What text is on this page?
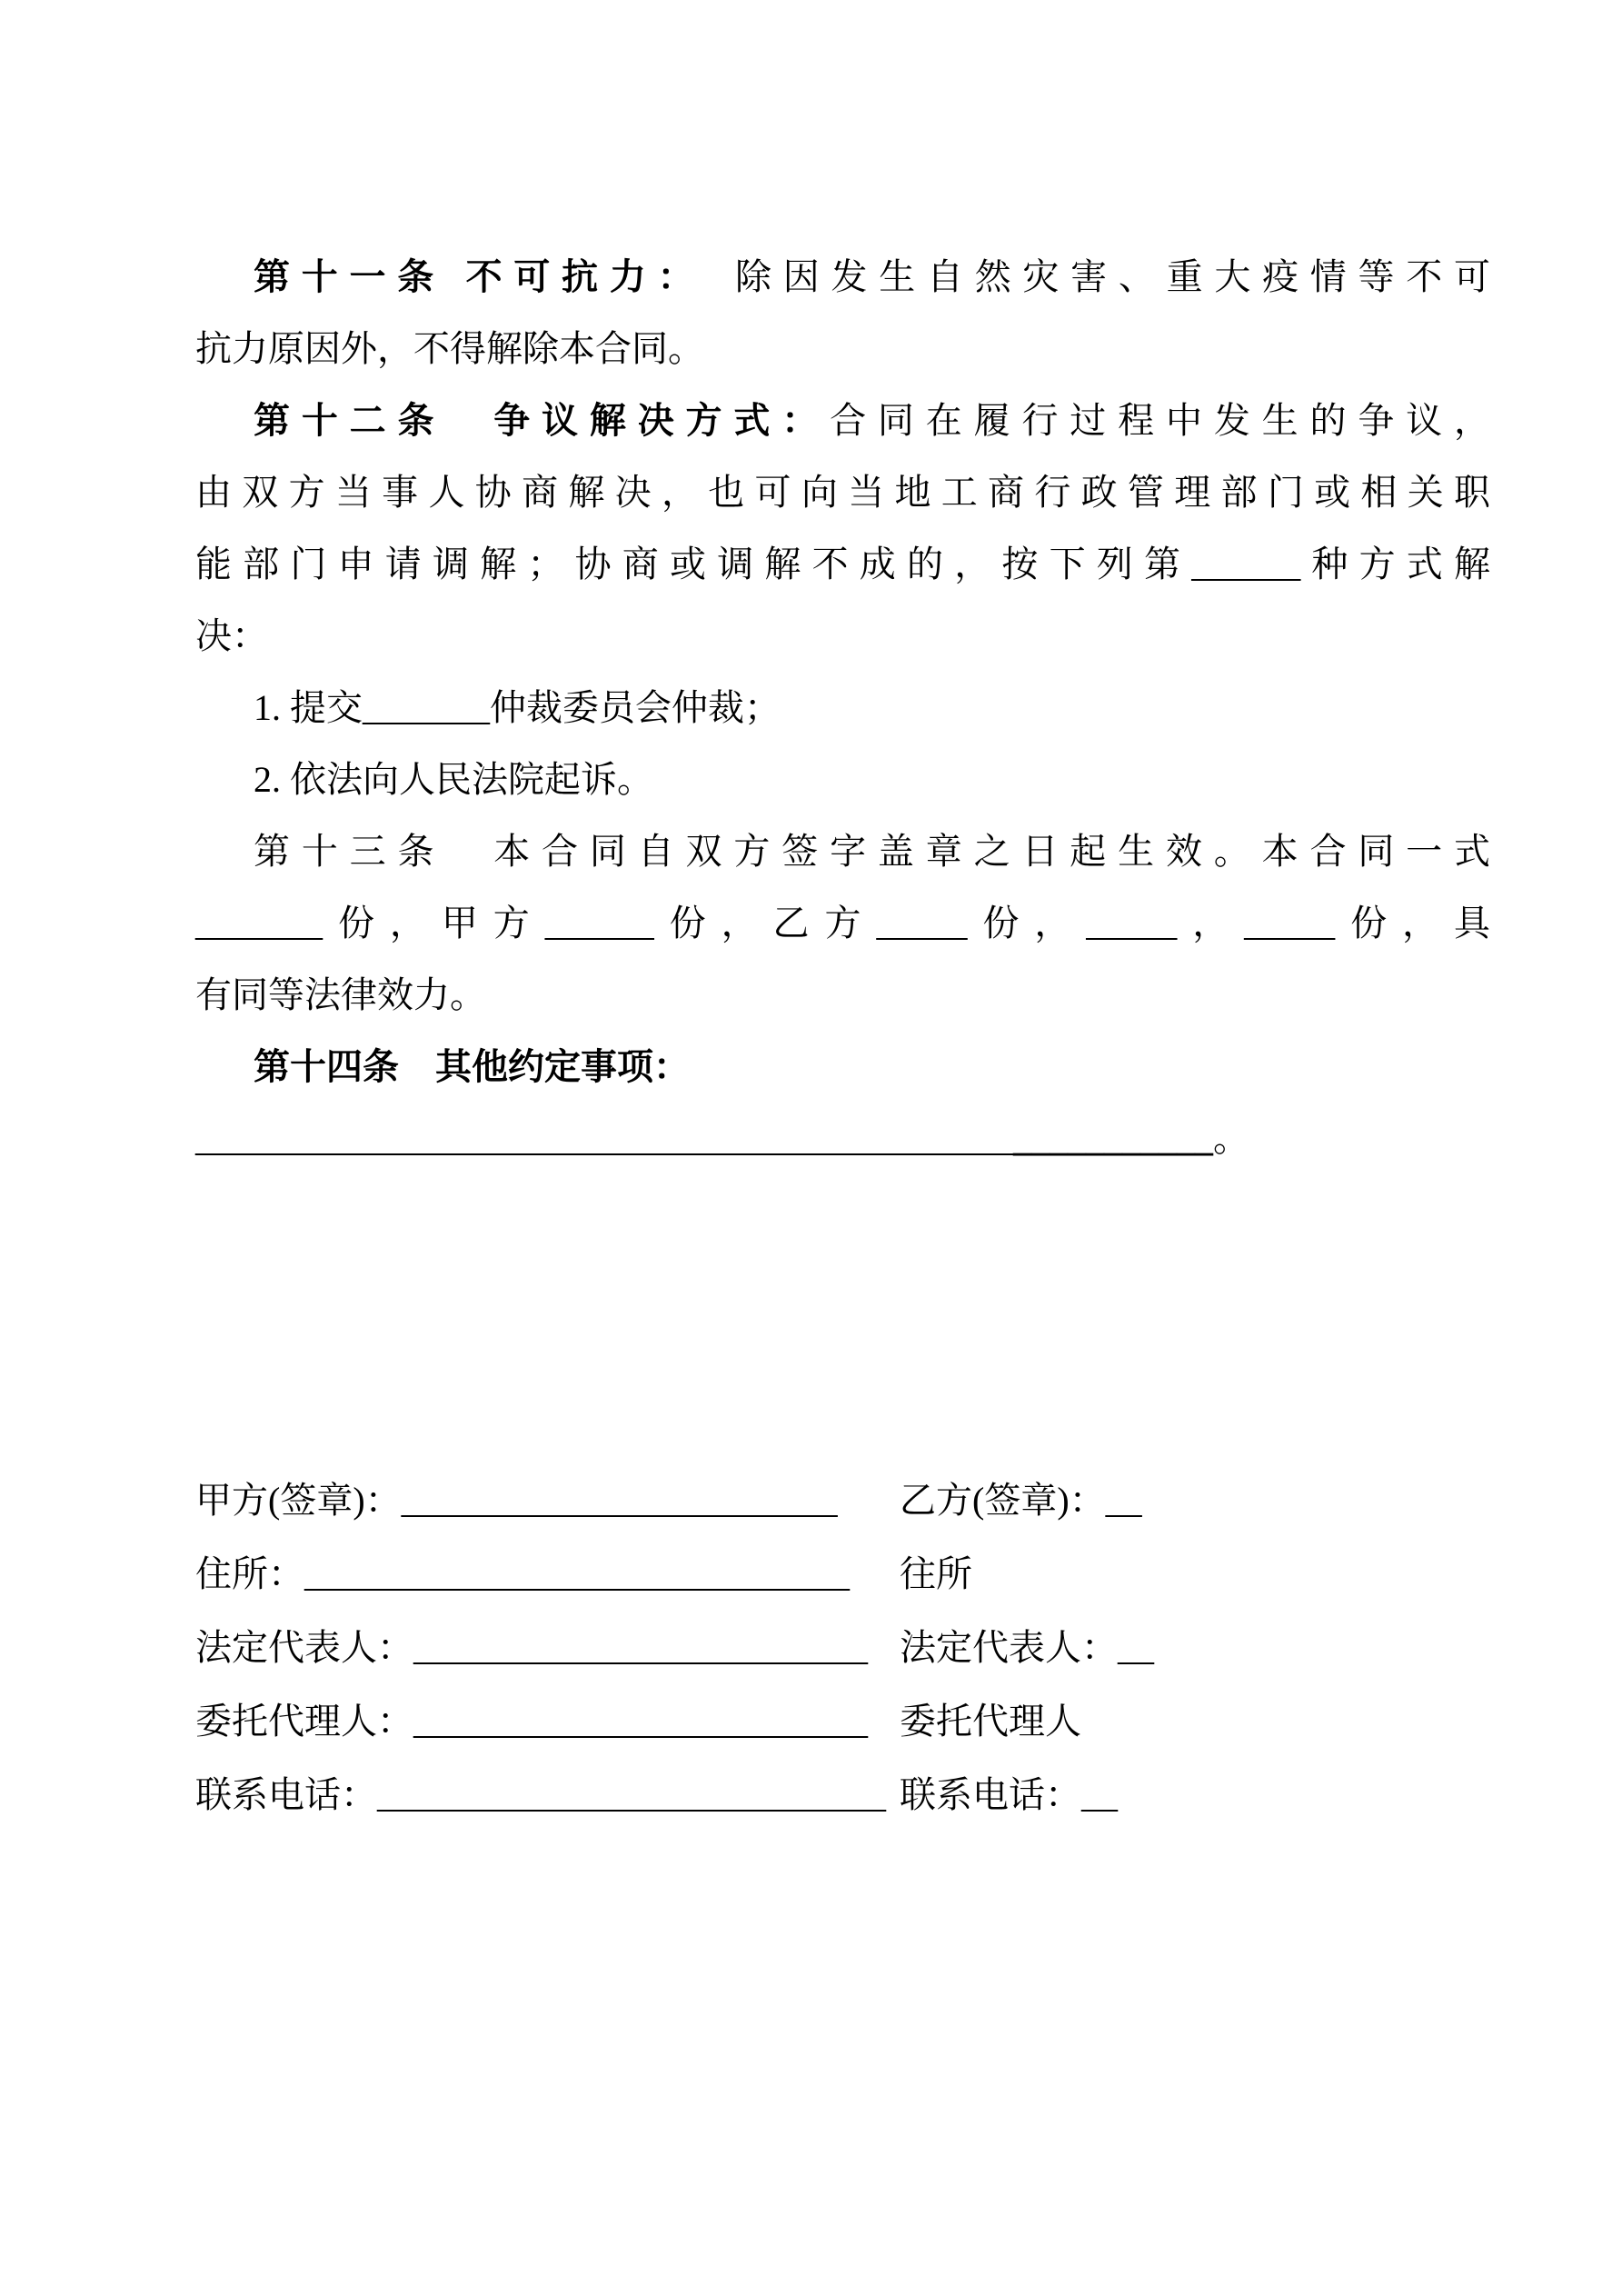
第十一条 不可抗力：　除因发生自然灾害、重大疫情等不可
抗力原因外，不得解除本合同。
第十二条　争议解决方式：合同在履行过程中发生的争议，
由双方当事人协商解决，也可向当地工商行政管理部门或相关职
能部门申请调解；协商或调解不成的，按下列第______种方式解
决：
1. 提交_______仲裁委员会仲裁；
2. 依法向人民法院起诉。
第十三条　本合同自双方签字盖章之日起生效。本合同一式
_______份，甲方______份，乙方_____份，_____，_____份，具
有同等法律效力。
第十四条　其他约定事项：
________________________________________________________。
甲方(签章)：________________________	乙方(签章)：__
住所：______________________________	往所
法定代表人：_________________________ 法定代表人：__
委托代理人：_________________________ 委托代理人
联系电话：____________________________ 联系电话：__
